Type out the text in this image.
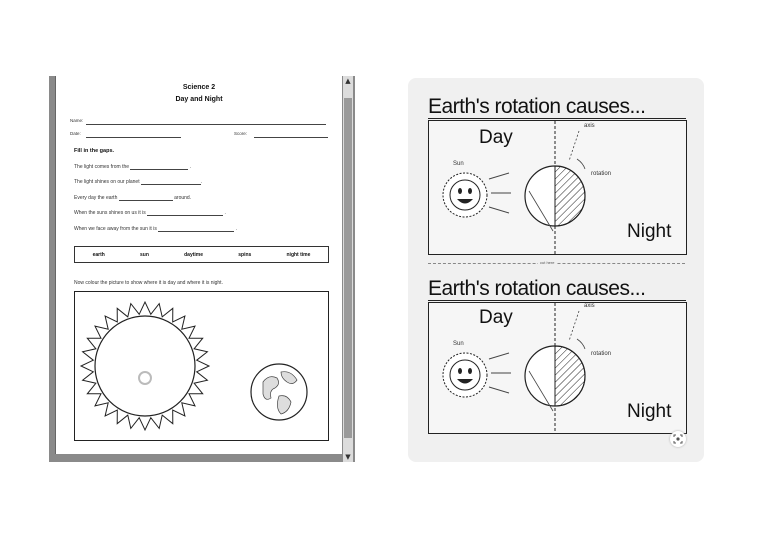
Science 2
Day and Night
Name:
Date:	Score:
Fill in the gaps.
The light comes from the	.
The light shines on our planet	.
Every day the earth	around.
When the suns shines on us it is	.
When we face away from the sun it is	.
earth	sun	daytime	spins	night time
Now colour the picture to show where it is day and where it is night.
▲
▼
Earth's rotation causes...
Day
Night
Sun
axis
rotation
cut here
Earth's rotation causes...
Day
Night
Sun
axis
rotation
